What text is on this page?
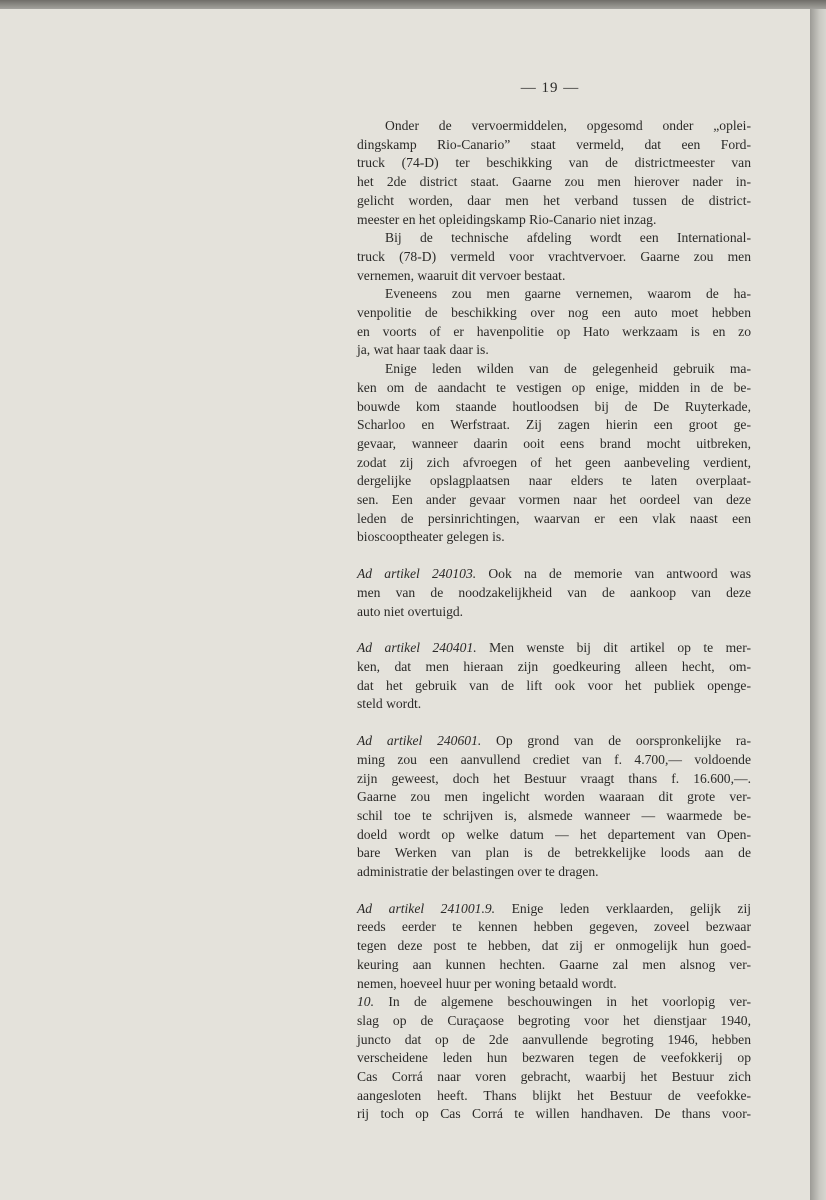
— 19 —
Onder de vervoermiddelen, opgesomd onder „oplei-
dingskamp Rio-Canario” staat vermeld, dat een Ford-
truck (74-D) ter beschikking van de districtmeester van
het 2de district staat. Gaarne zou men hierover nader in-
gelicht worden, daar men het verband tussen de district-
meester en het opleidingskamp Rio-Canario niet inzag.
Bij de technische afdeling wordt een International-
truck (78-D) vermeld voor vrachtvervoer. Gaarne zou men
vernemen, waaruit dit vervoer bestaat.
Eveneens zou men gaarne vernemen, waarom de ha-
venpolitie de beschikking over nog een auto moet hebben
en voorts of er havenpolitie op Hato werkzaam is en zo
ja, wat haar taak daar is.
Enige leden wilden van de gelegenheid gebruik ma-
ken om de aandacht te vestigen op enige, midden in de be-
bouwde kom staande houtloodsen bij de De Ruyterkade,
Scharloo en Werfstraat. Zij zagen hierin een groot ge-
gevaar, wanneer daarin ooit eens brand mocht uitbreken,
zodat zij zich afvroegen of het geen aanbeveling verdient,
dergelijke opslagplaatsen naar elders te laten overplaat-
sen. Een ander gevaar vormen naar het oordeel van deze
leden de persinrichtingen, waarvan er een vlak naast een
bioscooptheater gelegen is.
Ad artikel 240103. Ook na de memorie van antwoord was
men van de noodzakelijkheid van de aankoop van deze
auto niet overtuigd.
Ad artikel 240401. Men wenste bij dit artikel op te mer-
ken, dat men hieraan zijn goedkeuring alleen hecht, om-
dat het gebruik van de lift ook voor het publiek openge-
steld wordt.
Ad artikel 240601. Op grond van de oorspronkelijke ra-
ming zou een aanvullend crediet van f. 4.700,— voldoende
zijn geweest, doch het Bestuur vraagt thans f. 16.600,—.
Gaarne zou men ingelicht worden waaraan dit grote ver-
schil toe te schrijven is, alsmede wanneer — waarmede be-
doeld wordt op welke datum — het departement van Open-
bare Werken van plan is de betrekkelijke loods aan de
administratie der belastingen over te dragen.
Ad artikel 241001.9. Enige leden verklaarden, gelijk zij
reeds eerder te kennen hebben gegeven, zoveel bezwaar
tegen deze post te hebben, dat zij er onmogelijk hun goed-
keuring aan kunnen hechten. Gaarne zal men alsnog ver-
nemen, hoeveel huur per woning betaald wordt.
10. In de algemene beschouwingen in het voorlopig ver-
slag op de Curaçaose begroting voor het dienstjaar 1940,
juncto dat op de 2de aanvullende begroting 1946, hebben
verscheidene leden hun bezwaren tegen de veefokkerij op
Cas Corrá naar voren gebracht, waarbij het Bestuur zich
aangesloten heeft. Thans blijkt het Bestuur de veefokke-
rij toch op Cas Corrá te willen handhaven. De thans voor-
